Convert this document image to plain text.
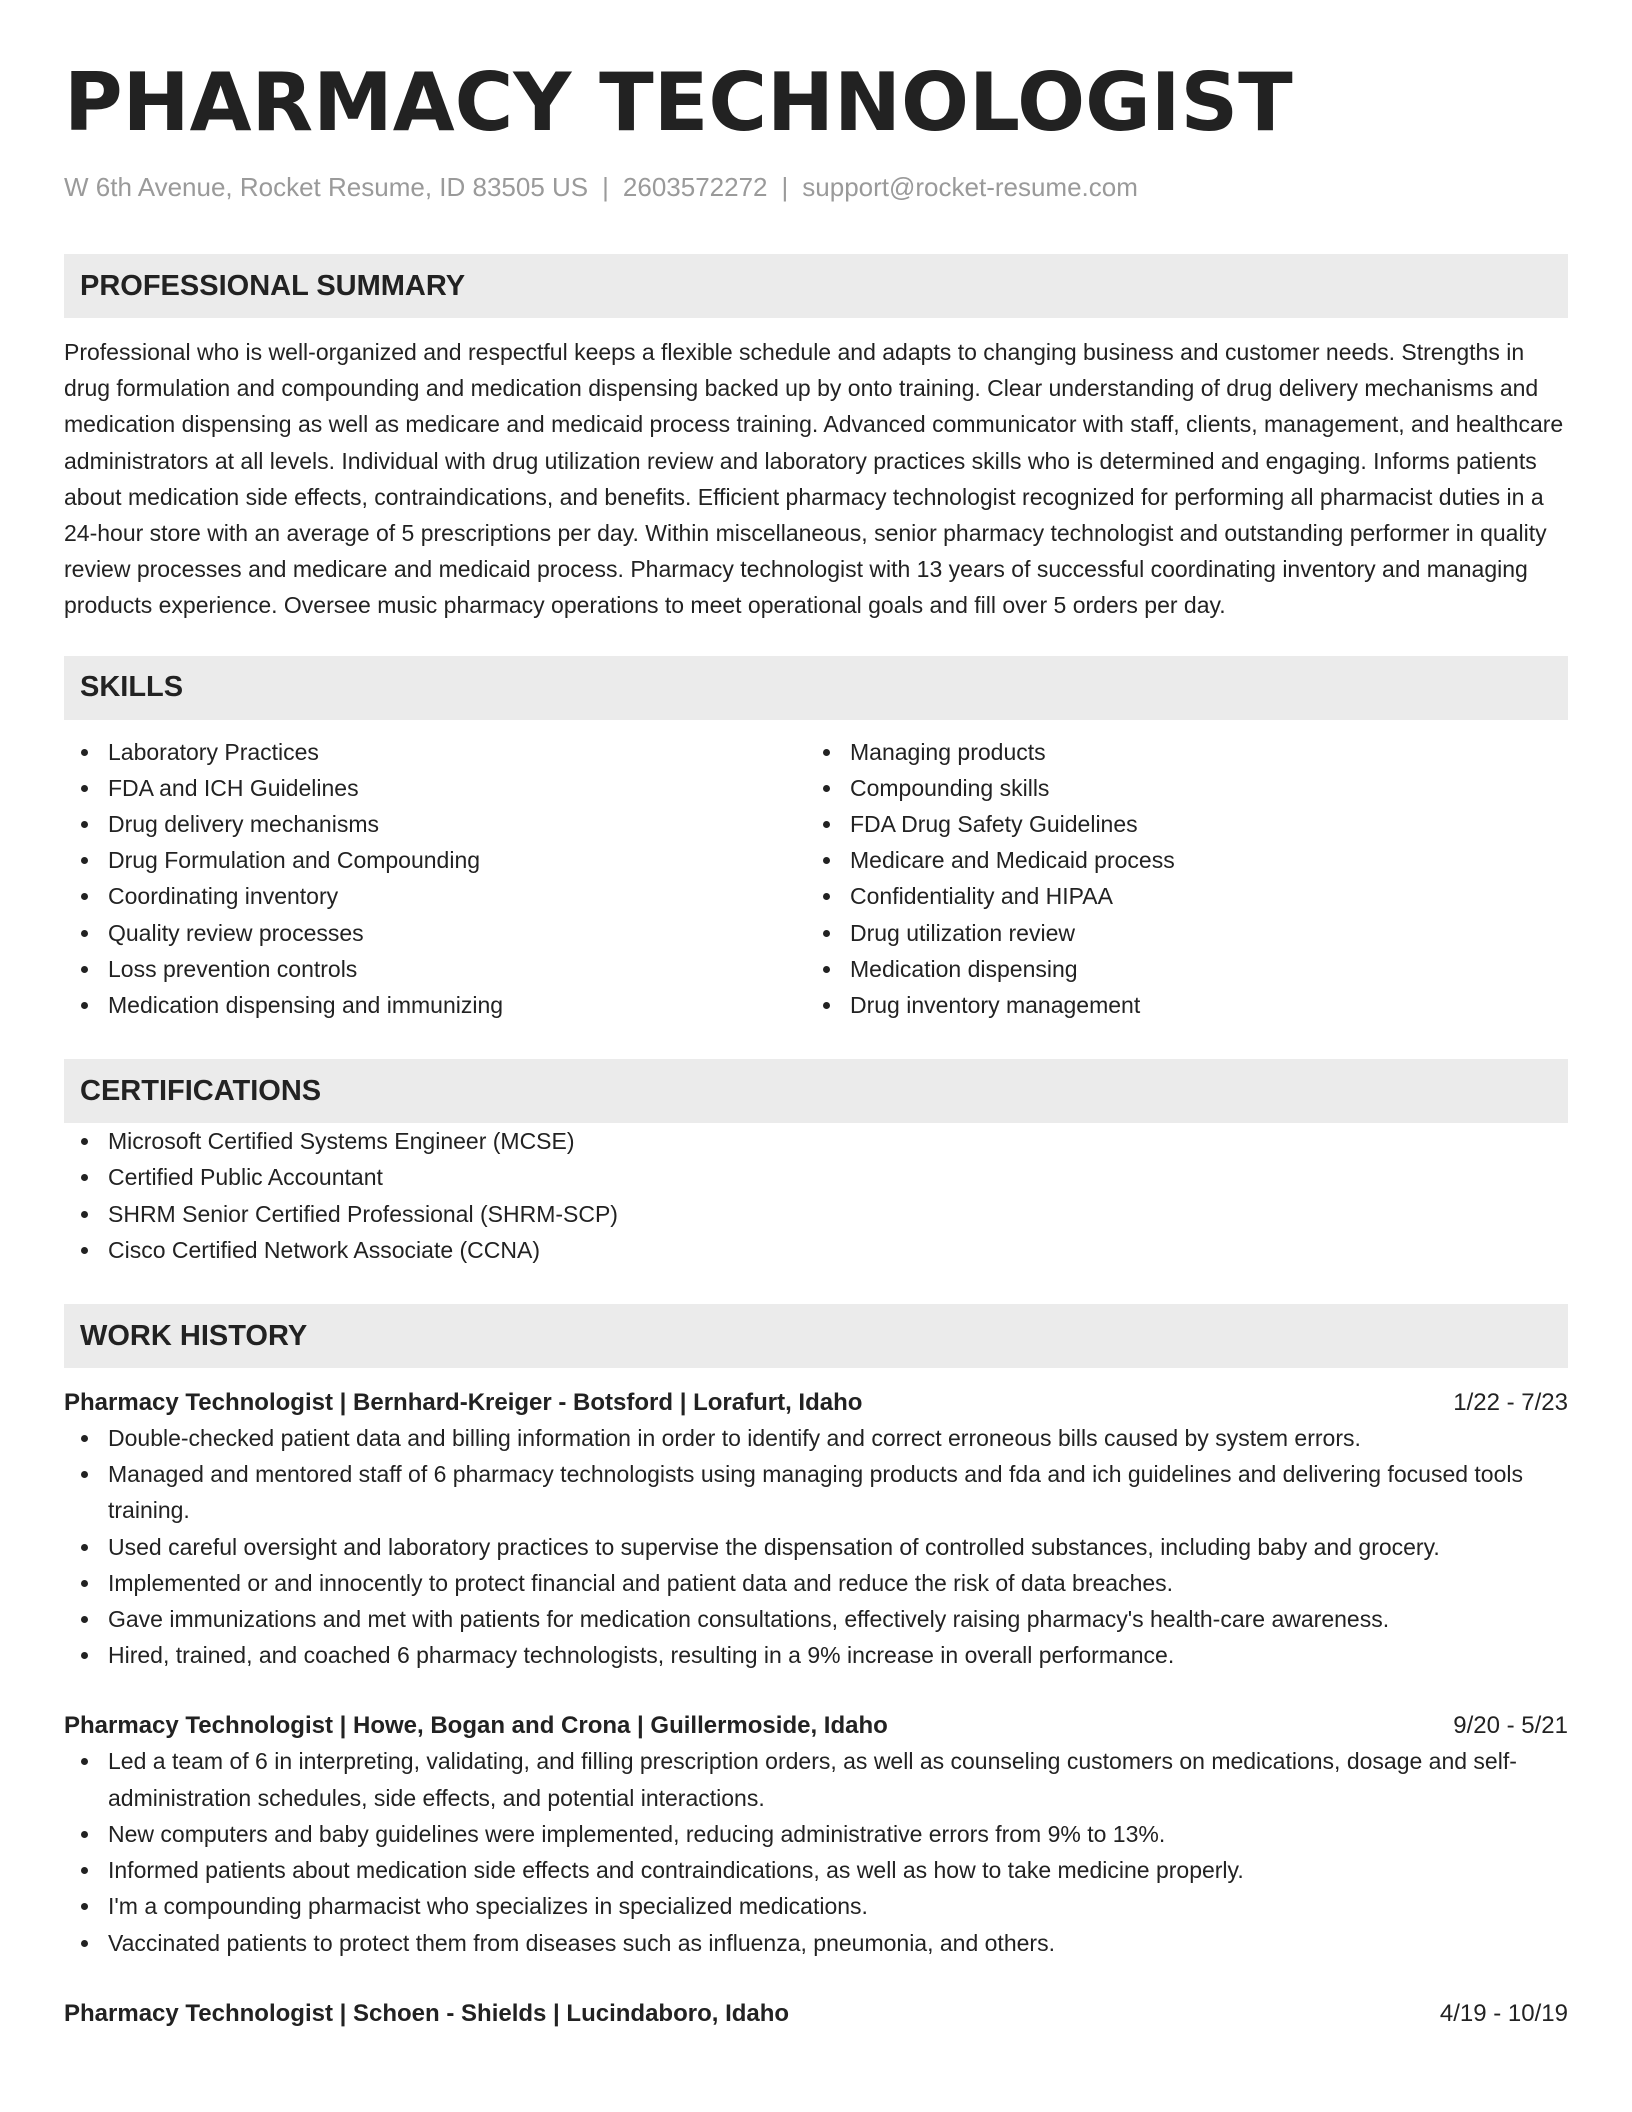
PHARMACY TECHNOLOGIST
W 6th Avenue, Rocket Resume, ID 83505 US | 2603572272 | support@rocket-resume.com
PROFESSIONAL SUMMARY
Professional who is well-organized and respectful keeps a flexible schedule and adapts to changing business and customer needs. Strengths in drug formulation and compounding and medication dispensing backed up by onto training. Clear understanding of drug delivery mechanisms and medication dispensing as well as medicare and medicaid process training. Advanced communicator with staff, clients, management, and healthcare administrators at all levels. Individual with drug utilization review and laboratory practices skills who is determined and engaging. Informs patients about medication side effects, contraindications, and benefits. Efficient pharmacy technologist recognized for performing all pharmacist duties in a 24-hour store with an average of 5 prescriptions per day. Within miscellaneous, senior pharmacy technologist and outstanding performer in quality review processes and medicare and medicaid process. Pharmacy technologist with 13 years of successful coordinating inventory and managing products experience. Oversee music pharmacy operations to meet operational goals and fill over 5 orders per day.
SKILLS
Laboratory Practices
FDA and ICH Guidelines
Drug delivery mechanisms
Drug Formulation and Compounding
Coordinating inventory
Quality review processes
Loss prevention controls
Medication dispensing and immunizing
Managing products
Compounding skills
FDA Drug Safety Guidelines
Medicare and Medicaid process
Confidentiality and HIPAA
Drug utilization review
Medication dispensing
Drug inventory management
CERTIFICATIONS
Microsoft Certified Systems Engineer (MCSE)
Certified Public Accountant
SHRM Senior Certified Professional (SHRM-SCP)
Cisco Certified Network Associate (CCNA)
WORK HISTORY
Pharmacy Technologist | Bernhard-Kreiger - Botsford | Lorafurt, Idaho	1/22 - 7/23
Double-checked patient data and billing information in order to identify and correct erroneous bills caused by system errors.
Managed and mentored staff of 6 pharmacy technologists using managing products and fda and ich guidelines and delivering focused tools training.
Used careful oversight and laboratory practices to supervise the dispensation of controlled substances, including baby and grocery.
Implemented or and innocently to protect financial and patient data and reduce the risk of data breaches.
Gave immunizations and met with patients for medication consultations, effectively raising pharmacy's health-care awareness.
Hired, trained, and coached 6 pharmacy technologists, resulting in a 9% increase in overall performance.
Pharmacy Technologist | Howe, Bogan and Crona | Guillermoside, Idaho	9/20 - 5/21
Led a team of 6 in interpreting, validating, and filling prescription orders, as well as counseling customers on medications, dosage and self-administration schedules, side effects, and potential interactions.
New computers and baby guidelines were implemented, reducing administrative errors from 9% to 13%.
Informed patients about medication side effects and contraindications, as well as how to take medicine properly.
I'm a compounding pharmacist who specializes in specialized medications.
Vaccinated patients to protect them from diseases such as influenza, pneumonia, and others.
Pharmacy Technologist | Schoen - Shields | Lucindaboro, Idaho	4/19 - 10/19
